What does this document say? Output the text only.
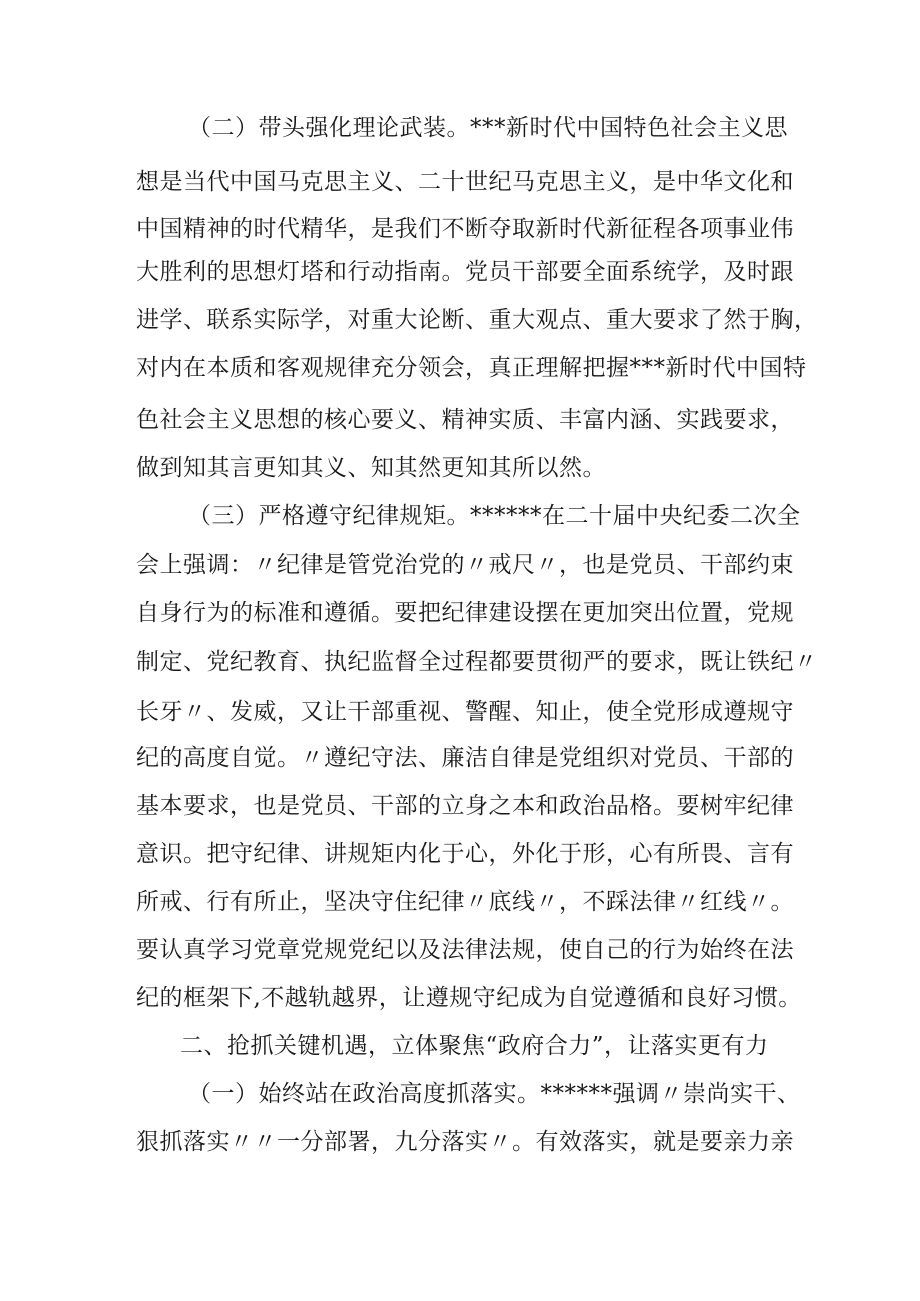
（二）带头强化理论武装。***新时代中国特色社会主义思
想是当代中国马克思主义、二十世纪马克思主义，是中华文化和
中国精神的时代精华，是我们不断夺取新时代新征程各项事业伟
大胜利的思想灯塔和行动指南。党员干部要全面系统学，及时跟
进学、联系实际学，对重大论断、重大观点、重大要求了然于胸，
对内在本质和客观规律充分领会，真正理解把握***新时代中国特
色社会主义思想的核心要义、精神实质、丰富内涵、实践要求，
做到知其言更知其义、知其然更知其所以然。
（三）严格遵守纪律规矩。******在二十届中央纪委二次全
会上强调：〃纪律是管党治党的〃戒尺〃，也是党员、干部约束
自身行为的标准和遵循。要把纪律建设摆在更加突出位置，党规
制定、党纪教育、执纪监督全过程都要贯彻严的要求，既让铁纪〃
长牙〃、发威，又让干部重视、警醒、知止，使全党形成遵规守
纪的高度自觉。〃遵纪守法、廉洁自律是党组织对党员、干部的
基本要求，也是党员、干部的立身之本和政治品格。要树牢纪律
意识。把守纪律、讲规矩内化于心，外化于形，心有所畏、言有
所戒、行有所止，坚决守住纪律〃底线〃，不踩法律〃红线〃。
要认真学习党章党规党纪以及法律法规，使自己的行为始终在法
纪的框架下,不越轨越界，让遵规守纪成为自觉遵循和良好习惯。
二、抢抓关键机遇，立体聚焦“政府合力”，让落实更有力
（一）始终站在政治高度抓落实。******强调〃崇尚实干、
狠抓落实〃〃一分部署，九分落实〃。有效落实，就是要亲力亲
